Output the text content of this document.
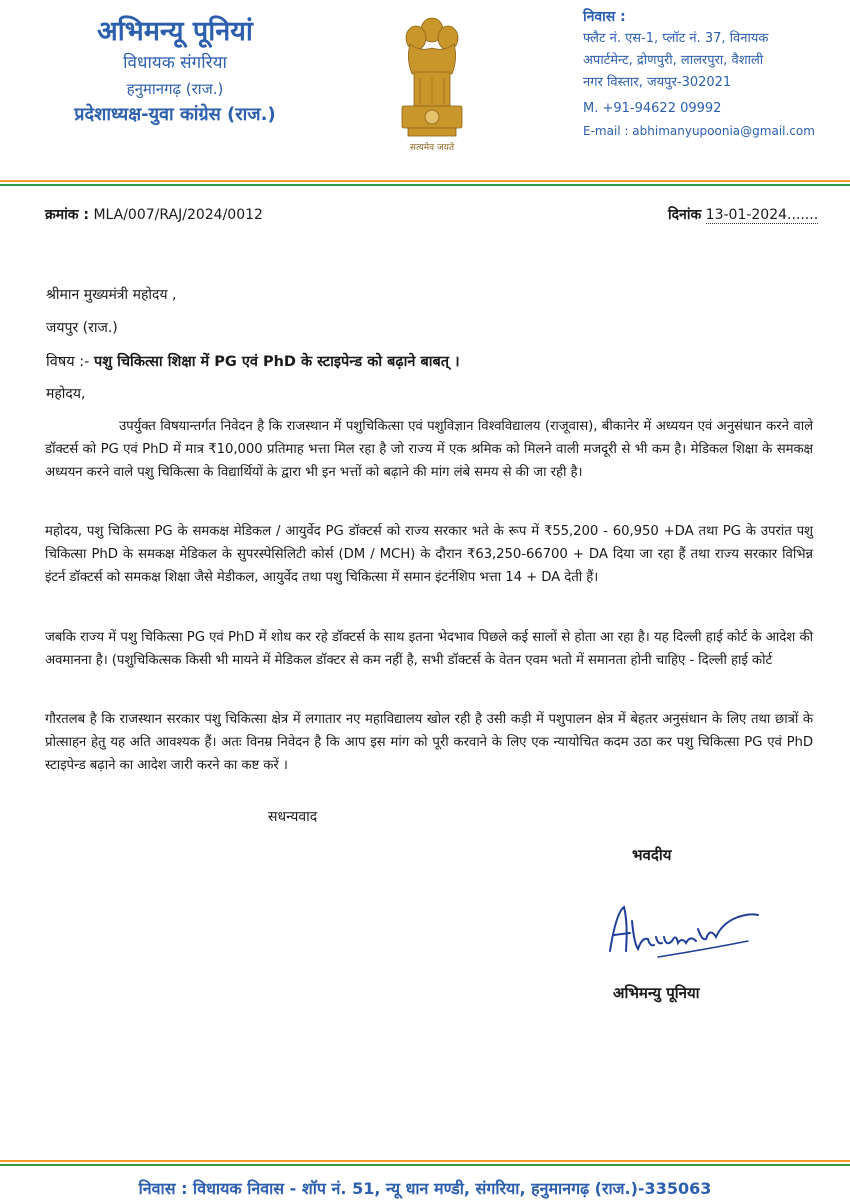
अभिमन्यू पूनियां
विधायक संगरिया
हनुमानगढ़ (राज.)
प्रदेशाध्यक्ष-युवा कांग्रेस (राज.)
सत्यमेव जयते
निवास :
फ्लैट नं. एस-1, प्लॉट नं. 37, विनायक
अपार्टमेन्ट, द्रोणपुरी, लालरपुरा, वैशाली
नगर विस्तार, जयपुर-302021
M. +91-94622 09992
E-mail : abhimanyupoonia@gmail.com
क्रमांक : MLA/007/RAJ/2024/0012	दिनांक 13-01-2024.......
श्रीमान मुख्यमंत्री महोदय ,
जयपुर (राज.)
विषय :- पशु चिकित्सा शिक्षा में PG एवं PhD के स्टाइपेन्ड को बढ़ाने बाबत् ।
महोदय,
उपर्युक्त विषयान्तर्गत निवेदन है कि राजस्थान में पशुचिकित्सा एवं पशुविज्ञान विश्वविद्यालय (राजूवास), बीकानेर में अध्ययन एवं अनुसंधान करने वाले डॉक्टर्स को PG एवं PhD में मात्र ₹10,000 प्रतिमाह भत्ता मिल रहा है जो राज्य में एक श्रमिक को मिलने वाली मजदूरी से भी कम है। मेडिकल शिक्षा के समकक्ष अध्ययन करने वाले पशु चिकित्सा के विद्यार्थियों के द्वारा भी इन भत्तों को बढ़ाने की मांग लंबे समय से की जा रही है।
महोदय, पशु चिकित्सा PG के समकक्ष मेडिकल / आयुर्वेद PG डॉक्टर्स को राज्य सरकार भते के रूप में ₹55,200 - 60,950 +DA तथा PG के उपरांत पशु चिकित्सा PhD के समकक्ष मेडिकल के सुपरस्पेसिलिटी कोर्स (DM / MCH) के दौरान ₹63,250-66700 + DA दिया जा रहा हैं तथा राज्य सरकार विभिन्न इंटर्न डॉक्टर्स को समकक्ष शिक्षा जैसे मेडीकल, आयुर्वेद तथा पशु चिकित्सा में समान इंटर्नशिप भत्ता 14 + DA देती हैं।
जबकि राज्य में पशु चिकित्सा PG एवं PhD में शोध कर रहे डॉक्टर्स के साथ इतना भेदभाव पिछले कई सालों से होता आ रहा है। यह दिल्ली हाई कोर्ट के आदेश की अवमानना है। (पशुचिकित्सक किसी भी मायने में मेडिकल डॉक्टर से कम नहीं है, सभी डॉक्टर्स के वेतन एवम भतो में समानता होनी चाहिए - दिल्ली हाई कोर्ट
गौरतलब है कि राजस्थान सरकार पशु चिकित्सा क्षेत्र में लगातार नए महाविद्यालय खोल रही है उसी कड़ी में पशुपालन क्षेत्र में बेहतर अनुसंधान के लिए तथा छात्रों के प्रोत्साहन हेतु यह अति आवश्यक हैं। अतः विनम्र निवेदन है कि आप इस मांग को पूरी करवाने के लिए एक न्यायोचित कदम उठा कर पशु चिकित्सा PG एवं PhD स्टाइपेन्ड बढ़ाने का आदेश जारी करने का कष्ट करें ।
सधन्यवाद
भवदीय
अभिमन्यु पूनिया
निवास : विधायक निवास - शॉप नं. 51, न्यू धान मण्डी, संगरिया, हनुमानगढ़ (राज.)-335063
